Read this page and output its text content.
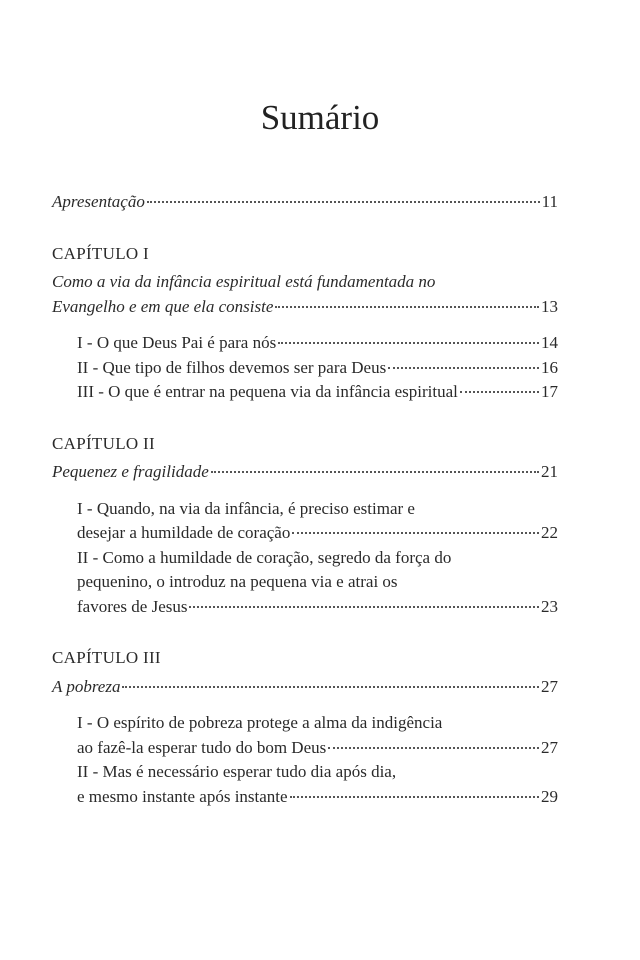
Sumário
Apresentação	11
CAPÍTULO I
Como a via da infância espiritual está fundamentada no
Evangelho e em que ela consiste	13
I - O que Deus Pai é para nós	14
II - Que tipo de filhos devemos ser para Deus	16
III - O que é entrar na pequena via da infância espiritual	17
CAPÍTULO II
Pequenez e fragilidade	21
I - Quando, na via da infância, é preciso estimar e
desejar a humildade de coração	22
II - Como a humildade de coração, segredo da força do
pequenino, o introduz na pequena via e atrai os
favores de Jesus	23
CAPÍTULO III
A pobreza	27
I - O espírito de pobreza protege a alma da indigência
ao fazê-la esperar tudo do bom Deus	27
II - Mas é necessário esperar tudo dia após dia,
e mesmo instante após instante	29
